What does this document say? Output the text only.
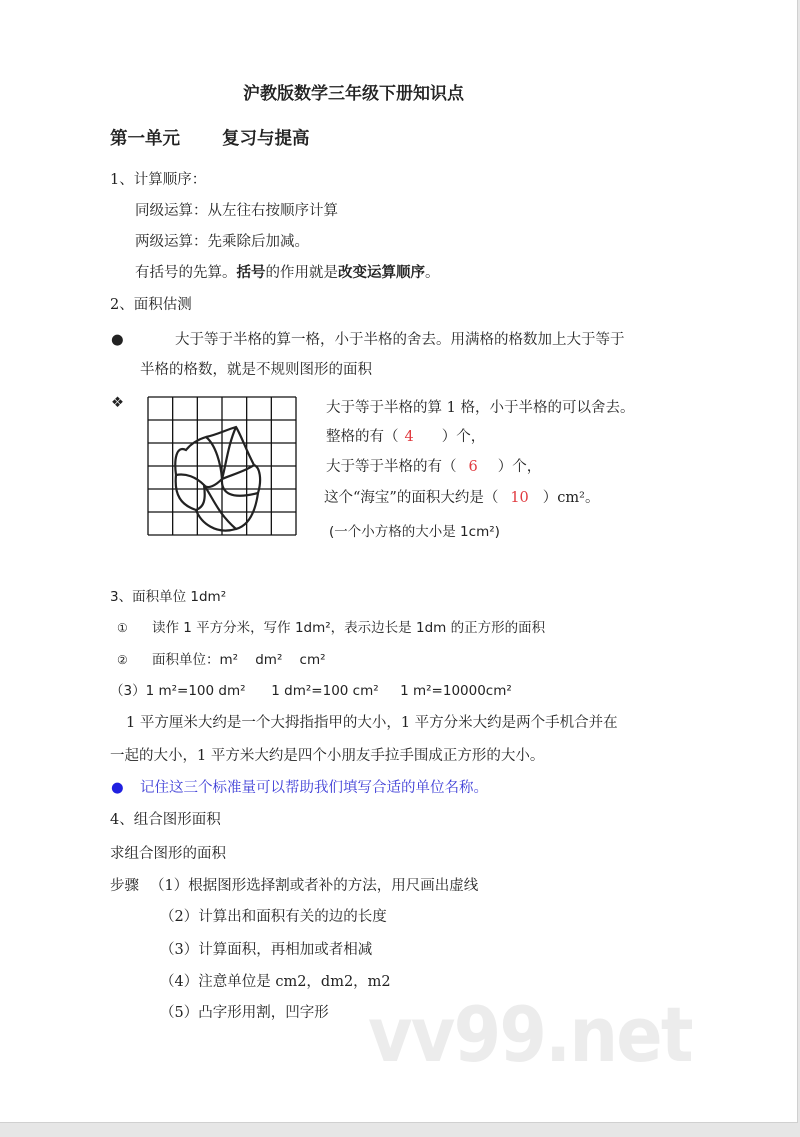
沪教版数学三年级下册知识点
第一单元 复习与提高
1、计算顺序：
同级运算：从左往右按顺序计算
两级运算：先乘除后加减。
有括号的先算。括号的作用就是改变运算顺序。
2、面积估测
●	大于等于半格的算一格，小于半格的舍去。用满格的格数加上大于等于
半格的格数，就是不规则图形的面积
❖	大于等于半格的算 1 格，小于半格的可以舍去。
整格的有（ 4 ）个，
大于等于半格的有（ 6 ）个，
这个“海宝”的面积大约是（ 10 ）cm²。
(一个小方格的大小是 1cm²)
3、面积单位 1dm²
① 读作 1 平方分米，写作 1dm²，表示边长是 1dm 的正方形的面积
② 面积单位：m²    dm²    cm²
（3）1 m²=100 dm²      1 dm²=100 cm²     1 m²=10000cm²
1 平方厘米大约是一个大拇指指甲的大小，1 平方分米大约是两个手机合并在
一起的大小，1 平方米大约是四个小朋友手拉手围成正方形的大小。
● 记住这三个标准量可以帮助我们填写合适的单位名称。
4、组合图形面积
求组合图形的面积
步骤 （1）根据图形选择割或者补的方法，用尺画出虚线
（2）计算出和面积有关的边的长度
（3）计算面积，再相加或者相减
（4）注意单位是 cm2，dm2，m2
（5）凸字形用割，凹字形 vv99.net
